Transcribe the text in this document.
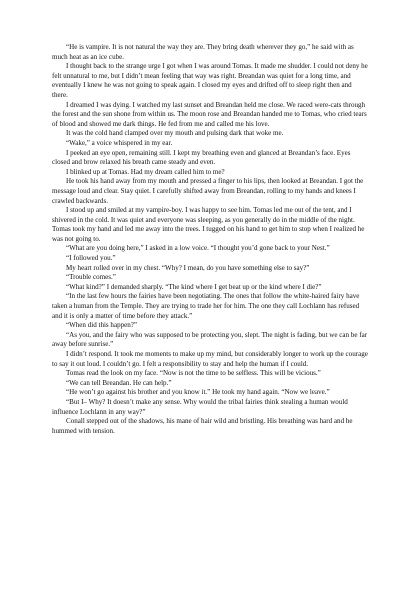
“He is vampire. It is not natural the way they are. They bring death wherever they go,” he said with as much heat as an ice cube.

I thought back to the strange urge I got when I was around Tomas. It made me shudder. I could not deny he felt unnatural to me, but I didn’t mean feeling that way was right. Breandan was quiet for a long time, and eventually I knew he was not going to speak again. I closed my eyes and drifted off to sleep right then and there.

I dreamed I was dying. I watched my last sunset and Breandan held me close. We raced were-cats through the forest and the sun shone from within us. The moon rose and Breandan handed me to Tomas, who cried tears of blood and showed me dark things. He fed from me and called me his love.

It was the cold hand clamped over my mouth and pulsing dark that woke me.

“Wake,” a voice whispered in my ear.

I peeked an eye open, remaining still. I kept my breathing even and glanced at Breandan’s face. Eyes closed and brow relaxed his breath came steady and even.

I blinked up at Tomas. Had my dream called him to me?

He took his hand away from my mouth and pressed a finger to his lips, then looked at Breandan. I got the message loud and clear. Stay quiet. I carefully shifted away from Breandan, rolling to my hands and knees I crawled backwards.

I stood up and smiled at my vampire-boy. I was happy to see him. Tomas led me out of the tent, and I shivered in the cold. It was quiet and everyone was sleeping, as you generally do in the middle of the night. Tomas took my hand and led me away into the trees. I tugged on his hand to get him to stop when I realized he was not going to.

“What are you doing here,” I asked in a low voice. “I thought you’d gone back to your Nest.”

“I followed you.”

My heart rolled over in my chest. “Why? I mean, do you have something else to say?”

“Trouble comes.”

“What kind?” I demanded sharply. “The kind where I get beat up or the kind where I die?”

“In the last few hours the fairies have been negotiating. The ones that follow the white-haired fairy have taken a human from the Temple. They are trying to trade her for him. The one they call Lochlann has refused and it is only a matter of time before they attack.”

“When did this happen?”

“As you, and the fairy who was supposed to be protecting you, slept. The night is fading, but we can be far away before sunrise.”

I didn’t respond. It took me moments to make up my mind, but considerably longer to work up the courage to say it out loud. I couldn’t go. I felt a responsibility to stay and help the human if I could.

Tomas read the look on my face. “Now is not the time to be selfless. This will be vicious.”

“We can tell Breandan. He can help.”

“He won’t go against his brother and you know it.” He took my hand again. “Now we leave.”

“But I– Why? It doesn’t make any sense. Why would the tribal fairies think stealing a human would influence Lochlann in any way?”

Conall stepped out of the shadows, his mane of hair wild and bristling. His breathing was hard and he hummed with tension.
